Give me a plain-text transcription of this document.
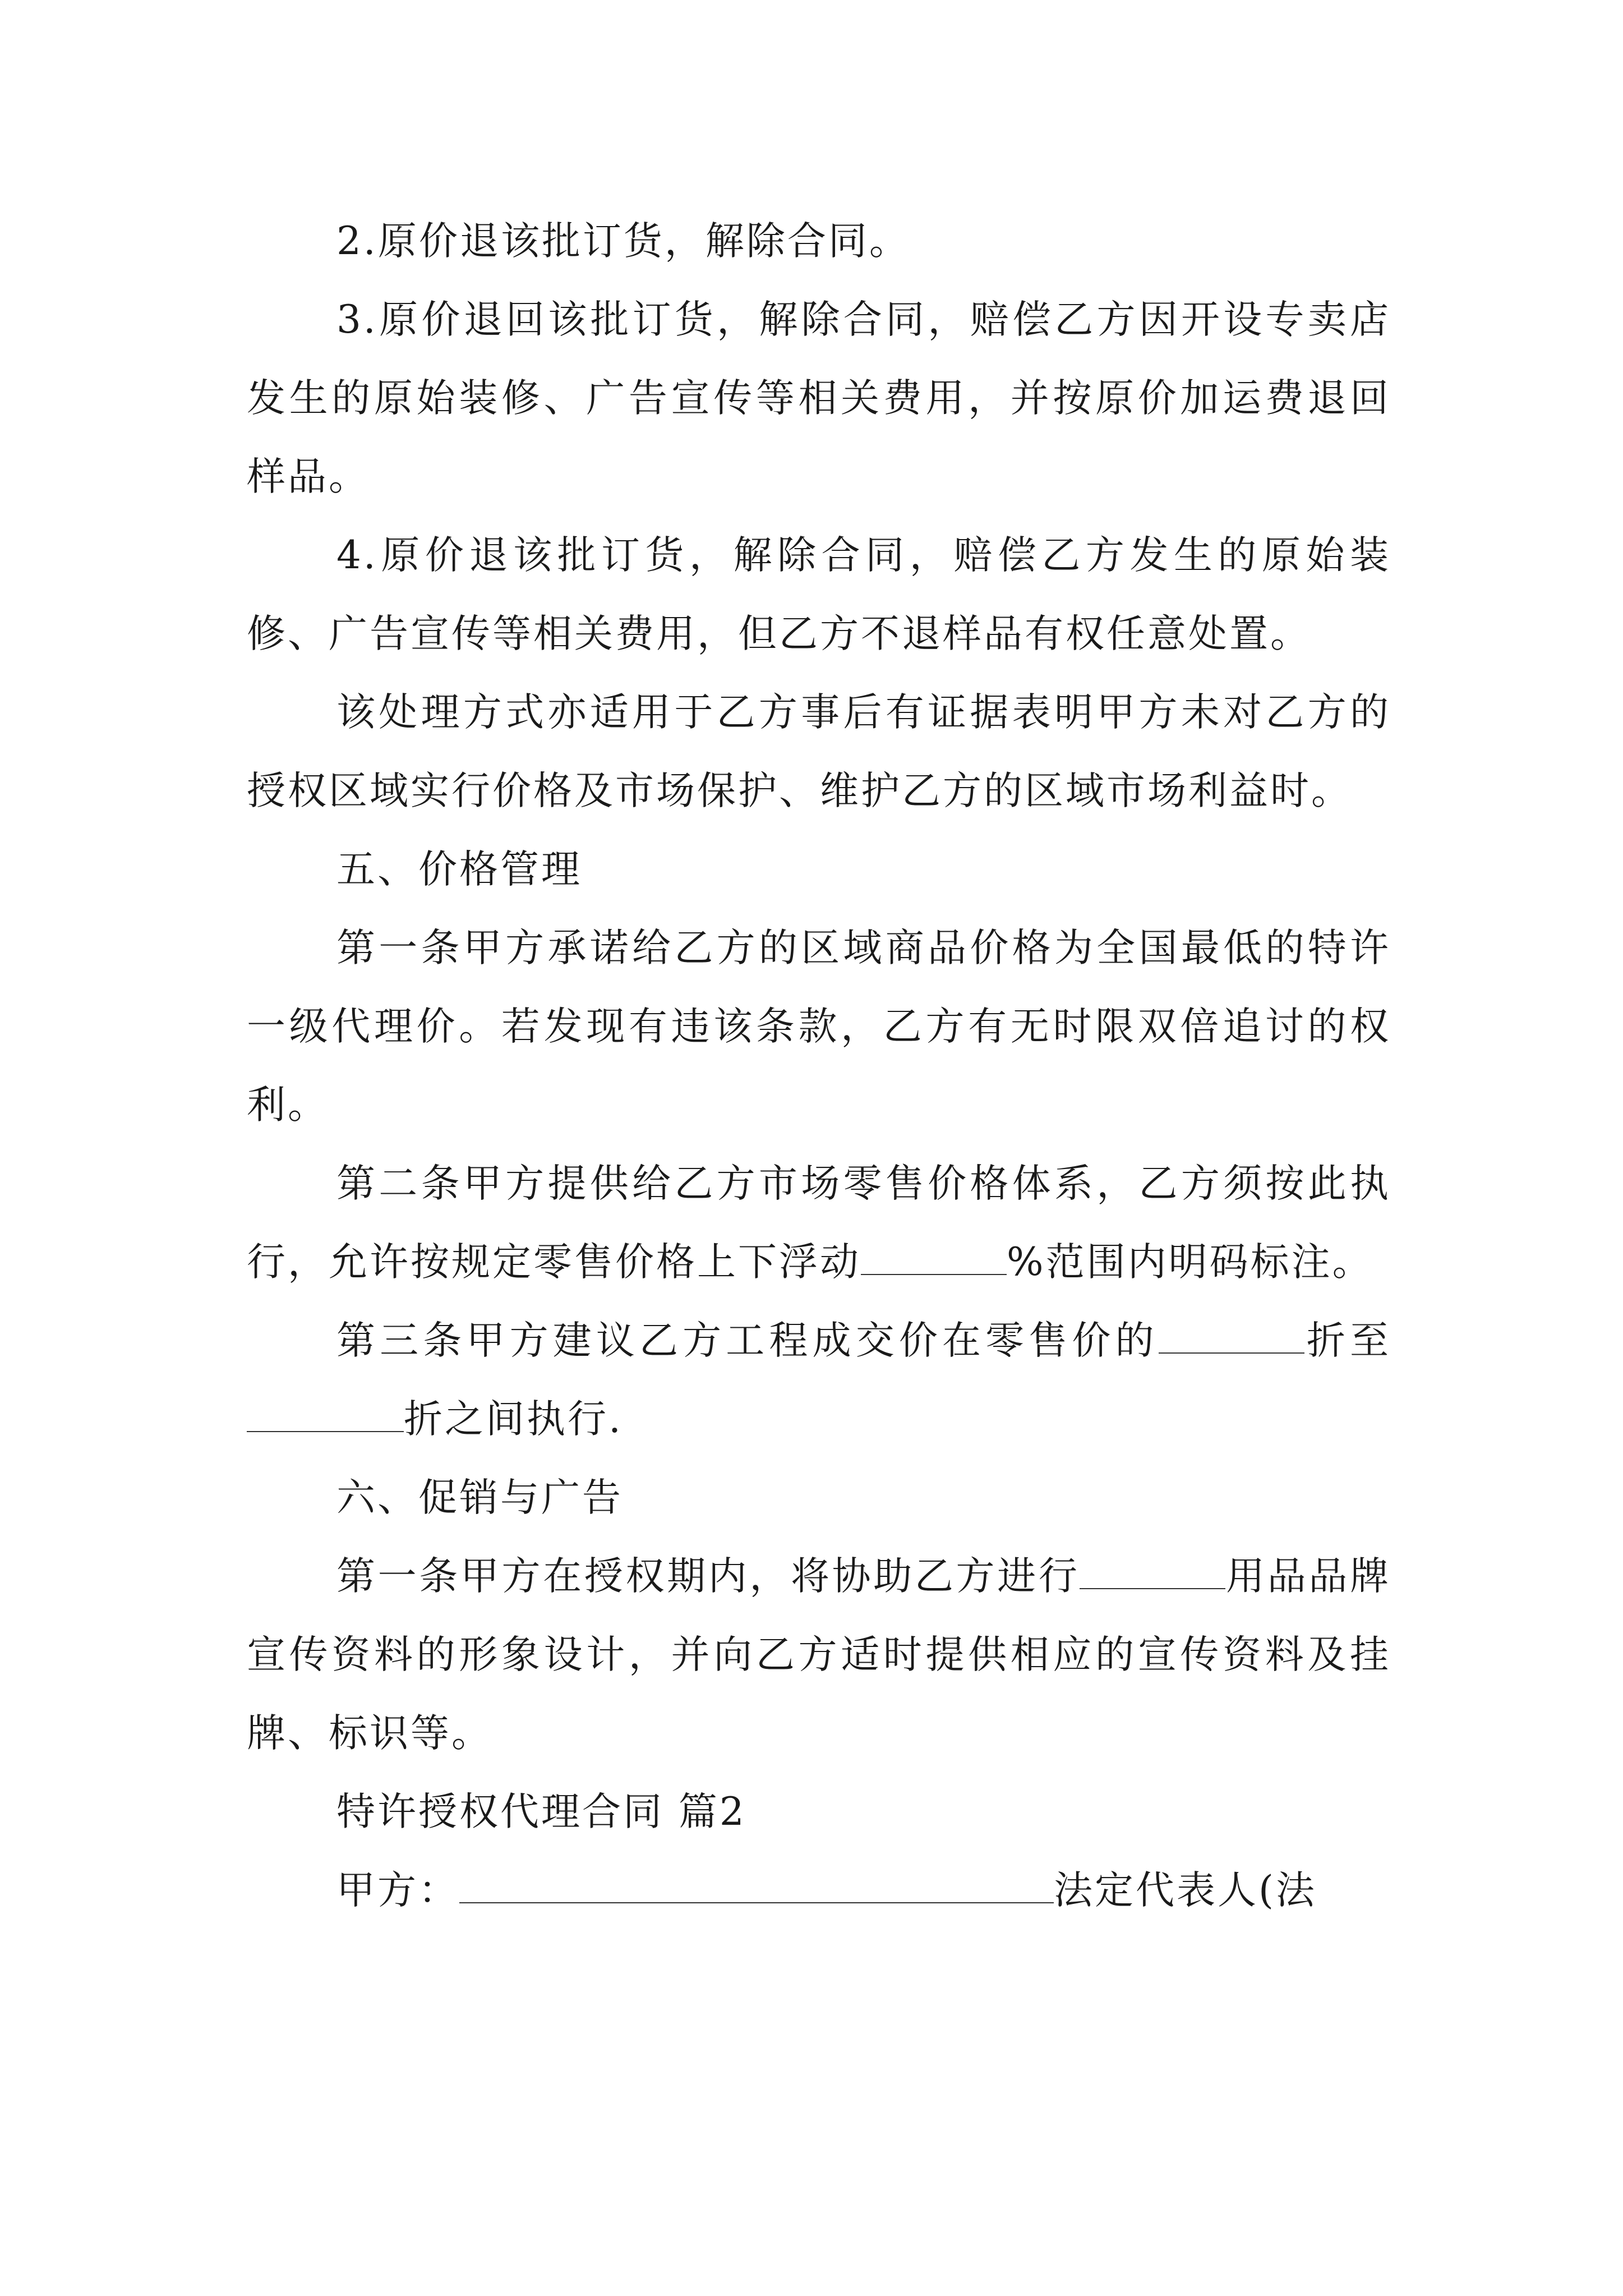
2.原价退该批订货，解除合同。

3.原价退回该批订货，解除合同，赔偿乙方因开设专卖店发生的原始装修、广告宣传等相关费用，并按原价加运费退回样品。

4.原价退该批订货，解除合同，赔偿乙方发生的原始装修、广告宣传等相关费用，但乙方不退样品有权任意处置。

该处理方式亦适用于乙方事后有证据表明甲方未对乙方的授权区域实行价格及市场保护、维护乙方的区域市场利益时。

五、价格管理

第一条甲方承诺给乙方的区域商品价格为全国最低的特许一级代理价。若发现有违该条款，乙方有无时限双倍追讨的权利。

第二条甲方提供给乙方市场零售价格体系，乙方须按此执行，允许按规定零售价格上下浮动	%范围内明码标注。

第三条甲方建议乙方工程成交价在零售价的	折至折之间执行.

六、促销与广告

第一条甲方在授权期内，将协助乙方进行	用品品牌宣传资料的形象设计，并向乙方适时提供相应的宣传资料及挂牌、标识等。

特许授权代理合同 篇2

甲方：	法定代表人(法
